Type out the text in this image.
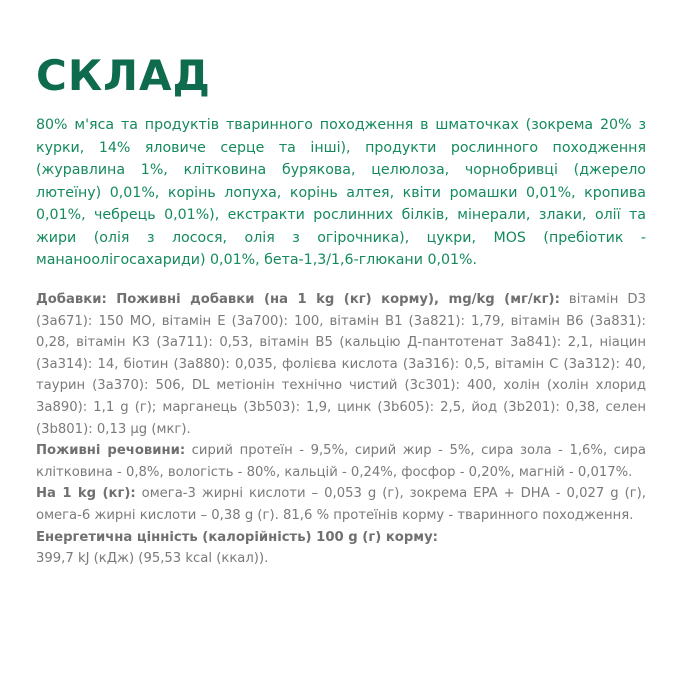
СКЛАД

80% м'яса та продуктів тваринного походження в шматочках (зокрема 20% з курки, 14% яловиче серце та інші), продукти рослинного походження (журавлина 1%, клітковина бурякова, целюлоза, чорнобривці (джерело лютеїну) 0,01%, корінь лопуха, корінь алтея, квіти ромашки 0,01%, кропива 0,01%, чебрець 0,01%), екстракти рослинних білків, мінерали, злаки, олії та жири (олія з лосося, олія з огірочника), цукри, MOS (пребіотик - мананоолігосахариди) 0,01%, бета-1,3/1,6-глюкани 0,01%.

Добавки: Поживні добавки (на 1 kg (кг) корму), mg/kg (мг/кг): вітамін D3 (3a671): 150 МО, вітамін Е (3a700): 100, вітамін В1 (3a821): 1,79, вітамін В6 (3a831): 0,28, вітамін К3 (3a711): 0,53, вітамін В5 (кальцію Д-пантотенат 3a841): 2,1, ніацин (3a314): 14, біотин (3a880): 0,035, фолієва кислота (3a316): 0,5, вітамін С (3a312): 40, таурин (3a370): 506, DL метіонін технічно чистий (3c301): 400, холін (холін хлорид 3a890): 1,1 g (г); марганець (3b503): 1,9, цинк (3b605): 2,5, йод (3b201): 0,38, селен (3b801): 0,13 µg (мкг).

Поживні речовини: сирий протеїн - 9,5%, сирий жир - 5%, сира зола - 1,6%, сира клітковина - 0,8%, вологість - 80%, кальцій - 0,24%, фосфор - 0,20%, магній - 0,017%.

На 1 kg (кг): омега-3 жирні кислоти – 0,053 g (г), зокрема EPA + DHA - 0,027 g (г), омега-6 жирні кислоти – 0,38 g (г). 81,6 % протеїнів корму - тваринного походження.

Енергетична цінність (калорійність) 100 g (г) корму:

399,7 kJ (кДж) (95,53 kcal (ккал)).
